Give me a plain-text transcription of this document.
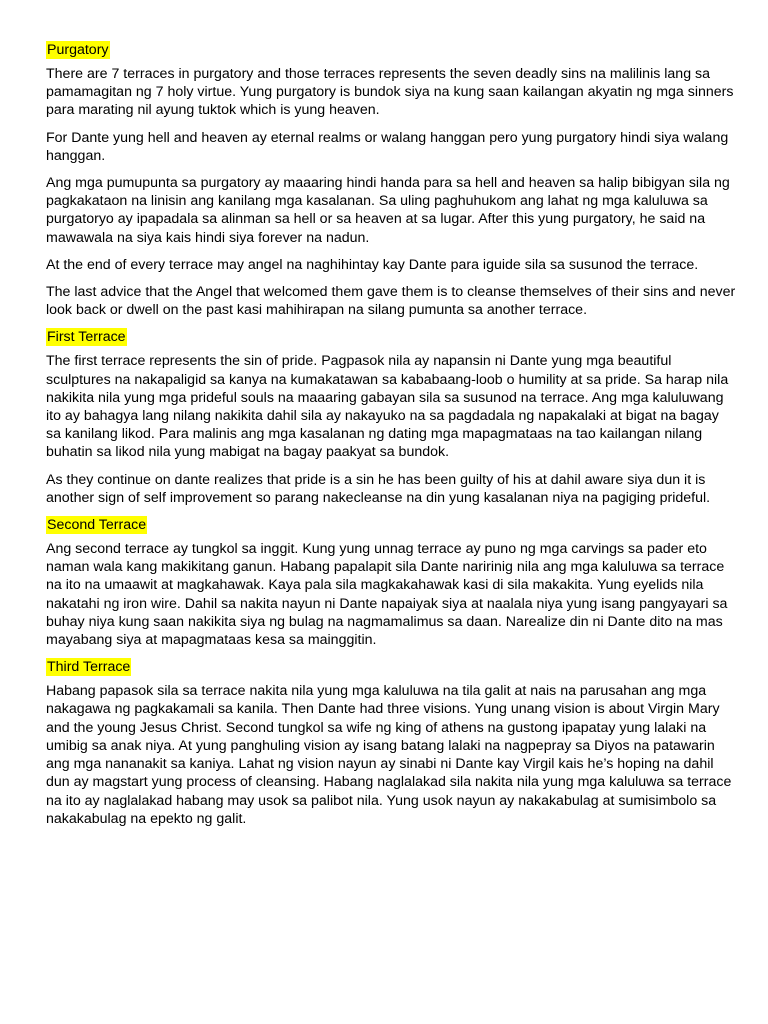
Purgatory

There are 7 terraces in purgatory and those terraces represents the seven deadly sins na malilinis lang sa pamamagitan ng 7 holy virtue. Yung purgatory is bundok siya na kung saan kailangan akyatin ng mga sinners para marating nil ayung tuktok which is yung heaven.

For Dante yung hell and heaven ay eternal realms or walang hanggan pero yung purgatory hindi siya walang hanggan.

Ang mga pumupunta sa purgatory ay maaaring hindi handa para sa hell and heaven sa halip bibigyan sila ng pagkakataon na linisin ang kanilang mga kasalanan. Sa uling paghuhukom ang lahat ng mga kaluluwa sa purgatoryo ay ipapadala sa alinman sa hell or sa heaven at sa lugar. After this yung purgatory, he said na mawawala na siya kais hindi siya forever na nadun.

At the end of every terrace may angel na naghihintay kay Dante para iguide sila sa susunod the terrace.

The last advice that the Angel that welcomed them gave them is to cleanse themselves of their sins and never look back or dwell on the past kasi mahihirapan na silang pumunta sa another terrace.

First Terrace

The first terrace represents the sin of pride. Pagpasok nila ay napansin ni Dante yung mga beautiful sculptures na nakapaligid sa kanya na kumakatawan sa kababaang-loob o humility at sa pride. Sa harap nila nakikita nila yung mga prideful souls na maaaring gabayan sila sa susunod na terrace. Ang mga kaluluwang ito ay bahagya lang nilang nakikita dahil sila ay nakayuko na sa pagdadala ng napakalaki at bigat na bagay sa kanilang likod. Para malinis ang mga kasalanan ng dating mga mapagmataas na tao kailangan nilang buhatin sa likod nila yung mabigat na bagay paakyat sa bundok.

As they continue on dante realizes that pride is a sin he has been guilty of his at dahil aware siya dun it is another sign of self improvement so parang nakecleanse na din yung kasalanan niya na pagiging prideful.

Second Terrace

Ang second terrace ay tungkol sa inggit. Kung yung unnag terrace ay puno ng mga carvings sa pader eto naman wala kang makikitang ganun. Habang papalapit sila Dante naririnig nila ang mga kaluluwa sa terrace na ito na umaawit at magkahawak. Kaya pala sila magkakahawak kasi di sila makakita. Yung eyelids nila nakatahi ng iron wire. Dahil sa nakita nayun ni Dante napaiyak siya at naalala niya yung isang pangyayari sa buhay niya kung saan nakikita siya ng bulag na nagmamalimus sa daan. Narealize din ni Dante dito na mas mayabang siya at mapagmataas kesa sa mainggitin.

Third Terrace

Habang papasok sila sa terrace nakita nila yung mga kaluluwa na tila galit at nais na parusahan ang mga nakagawa ng pagkakamali sa kanila. Then Dante had three visions. Yung unang vision is about Virgin Mary and the young Jesus Christ. Second tungkol sa wife ng king of athens na gustong ipapatay yung lalaki na umibig sa anak niya. At yung panghuling vision ay isang batang lalaki na nagpepray sa Diyos na patawarin ang mga nananakit sa kaniya. Lahat ng vision nayun ay sinabi ni Dante kay Virgil kais he’s hoping na dahil dun ay magstart yung process of cleansing. Habang naglalakad sila nakita nila yung mga kaluluwa sa terrace na ito ay naglalakad habang may usok sa palibot nila. Yung usok nayun ay nakakabulag at sumisimbolo sa nakakabulag na epekto ng galit.
